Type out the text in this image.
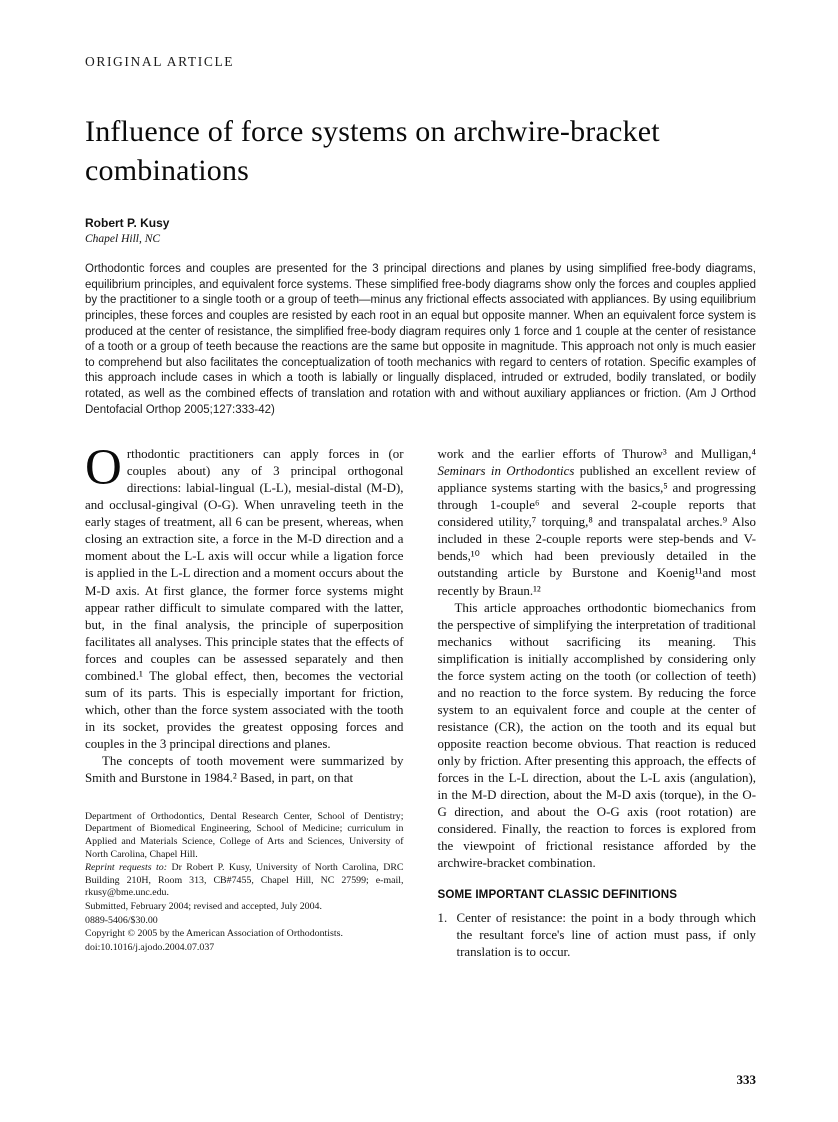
ORIGINAL ARTICLE
Influence of force systems on archwire-bracket combinations
Robert P. Kusy
Chapel Hill, NC

Orthodontic forces and couples are presented for the 3 principal directions and planes by using simplified free-body diagrams, equilibrium principles, and equivalent force systems. These simplified free-body diagrams show only the forces and couples applied by the practitioner to a single tooth or a group of teeth—minus any frictional effects associated with appliances. By using equilibrium principles, these forces and couples are resisted by each root in an equal but opposite manner. When an equivalent force system is produced at the center of resistance, the simplified free-body diagram requires only 1 force and 1 couple at the center of resistance of a tooth or a group of teeth because the reactions are the same but opposite in magnitude. This approach not only is much easier to comprehend but also facilitates the conceptualization of tooth mechanics with regard to centers of rotation. Specific examples of this approach include cases in which a tooth is labially or lingually displaced, intruded or extruded, bodily translated, or bodily rotated, as well as the combined effects of translation and rotation with and without auxiliary appliances or friction. (Am J Orthod Dentofacial Orthop 2005;127:333-42)

Orthodontic practitioners can apply forces in (or couples about) any of 3 principal orthogonal directions: labial-lingual (L-L), mesial-distal (M-D), and occlusal-gingival (O-G). When unraveling teeth in the early stages of treatment, all 6 can be present, whereas, when closing an extraction site, a force in the M-D direction and a moment about the L-L axis will occur while a ligation force is applied in the L-L direction and a moment occurs about the M-D axis. At first glance, the former force systems might appear rather difficult to simulate compared with the latter, but, in the final analysis, the principle of superposition facilitates all analyses. This principle states that the effects of forces and couples can be assessed separately and then combined.¹ The global effect, then, becomes the vectorial sum of its parts. This is especially important for friction, which, other than the force system associated with the tooth in its socket, provides the greatest opposing forces and couples in the 3 principal directions and planes.

The concepts of tooth movement were summarized by Smith and Burstone in 1984.² Based, in part, on that

Department of Orthodontics, Dental Research Center, School of Dentistry; Department of Biomedical Engineering, School of Medicine; curriculum in Applied and Materials Science, College of Arts and Sciences, University of North Carolina, Chapel Hill.

Reprint requests to: Dr Robert P. Kusy, University of North Carolina, DRC Building 210H, Room 313, CB#7455, Chapel Hill, NC 27599; e-mail, rkusy@bme.unc.edu.

Submitted, February 2004; revised and accepted, July 2004.

0889-5406/$30.00

Copyright © 2005 by the American Association of Orthodontists.

doi:10.1016/j.ajodo.2004.07.037

work and the earlier efforts of Thurow³ and Mulligan,⁴ Seminars in Orthodontics published an excellent review of appliance systems starting with the basics,⁵ and progressing through 1-couple⁶ and several 2-couple reports that considered utility,⁷ torquing,⁸ and transpalatal arches.⁹ Also included in these 2-couple reports were step-bends and V-bends,¹⁰ which had been previously detailed in the outstanding article by Burstone and Koenig¹¹and most recently by Braun.¹²

This article approaches orthodontic biomechanics from the perspective of simplifying the interpretation of traditional mechanics without sacrificing its meaning. This simplification is initially accomplished by considering only the force system acting on the tooth (or collection of teeth) and no reaction to the force system. By reducing the force system to an equivalent force and couple at the center of resistance (CR), the action on the tooth and its equal but opposite reaction become obvious. That reaction is reduced only by friction. After presenting this approach, the effects of forces in the L-L direction, about the L-L axis (angulation), in the M-D direction, about the M-D axis (torque), in the O-G direction, and about the O-G axis (root rotation) are considered. Finally, the reaction to forces is explored from the viewpoint of frictional resistance afforded by the archwire-bracket combination.

SOME IMPORTANT CLASSIC DEFINITIONS
1. Center of resistance: the point in a body through which the resultant force's line of action must pass, if only translation is to occur.
333
